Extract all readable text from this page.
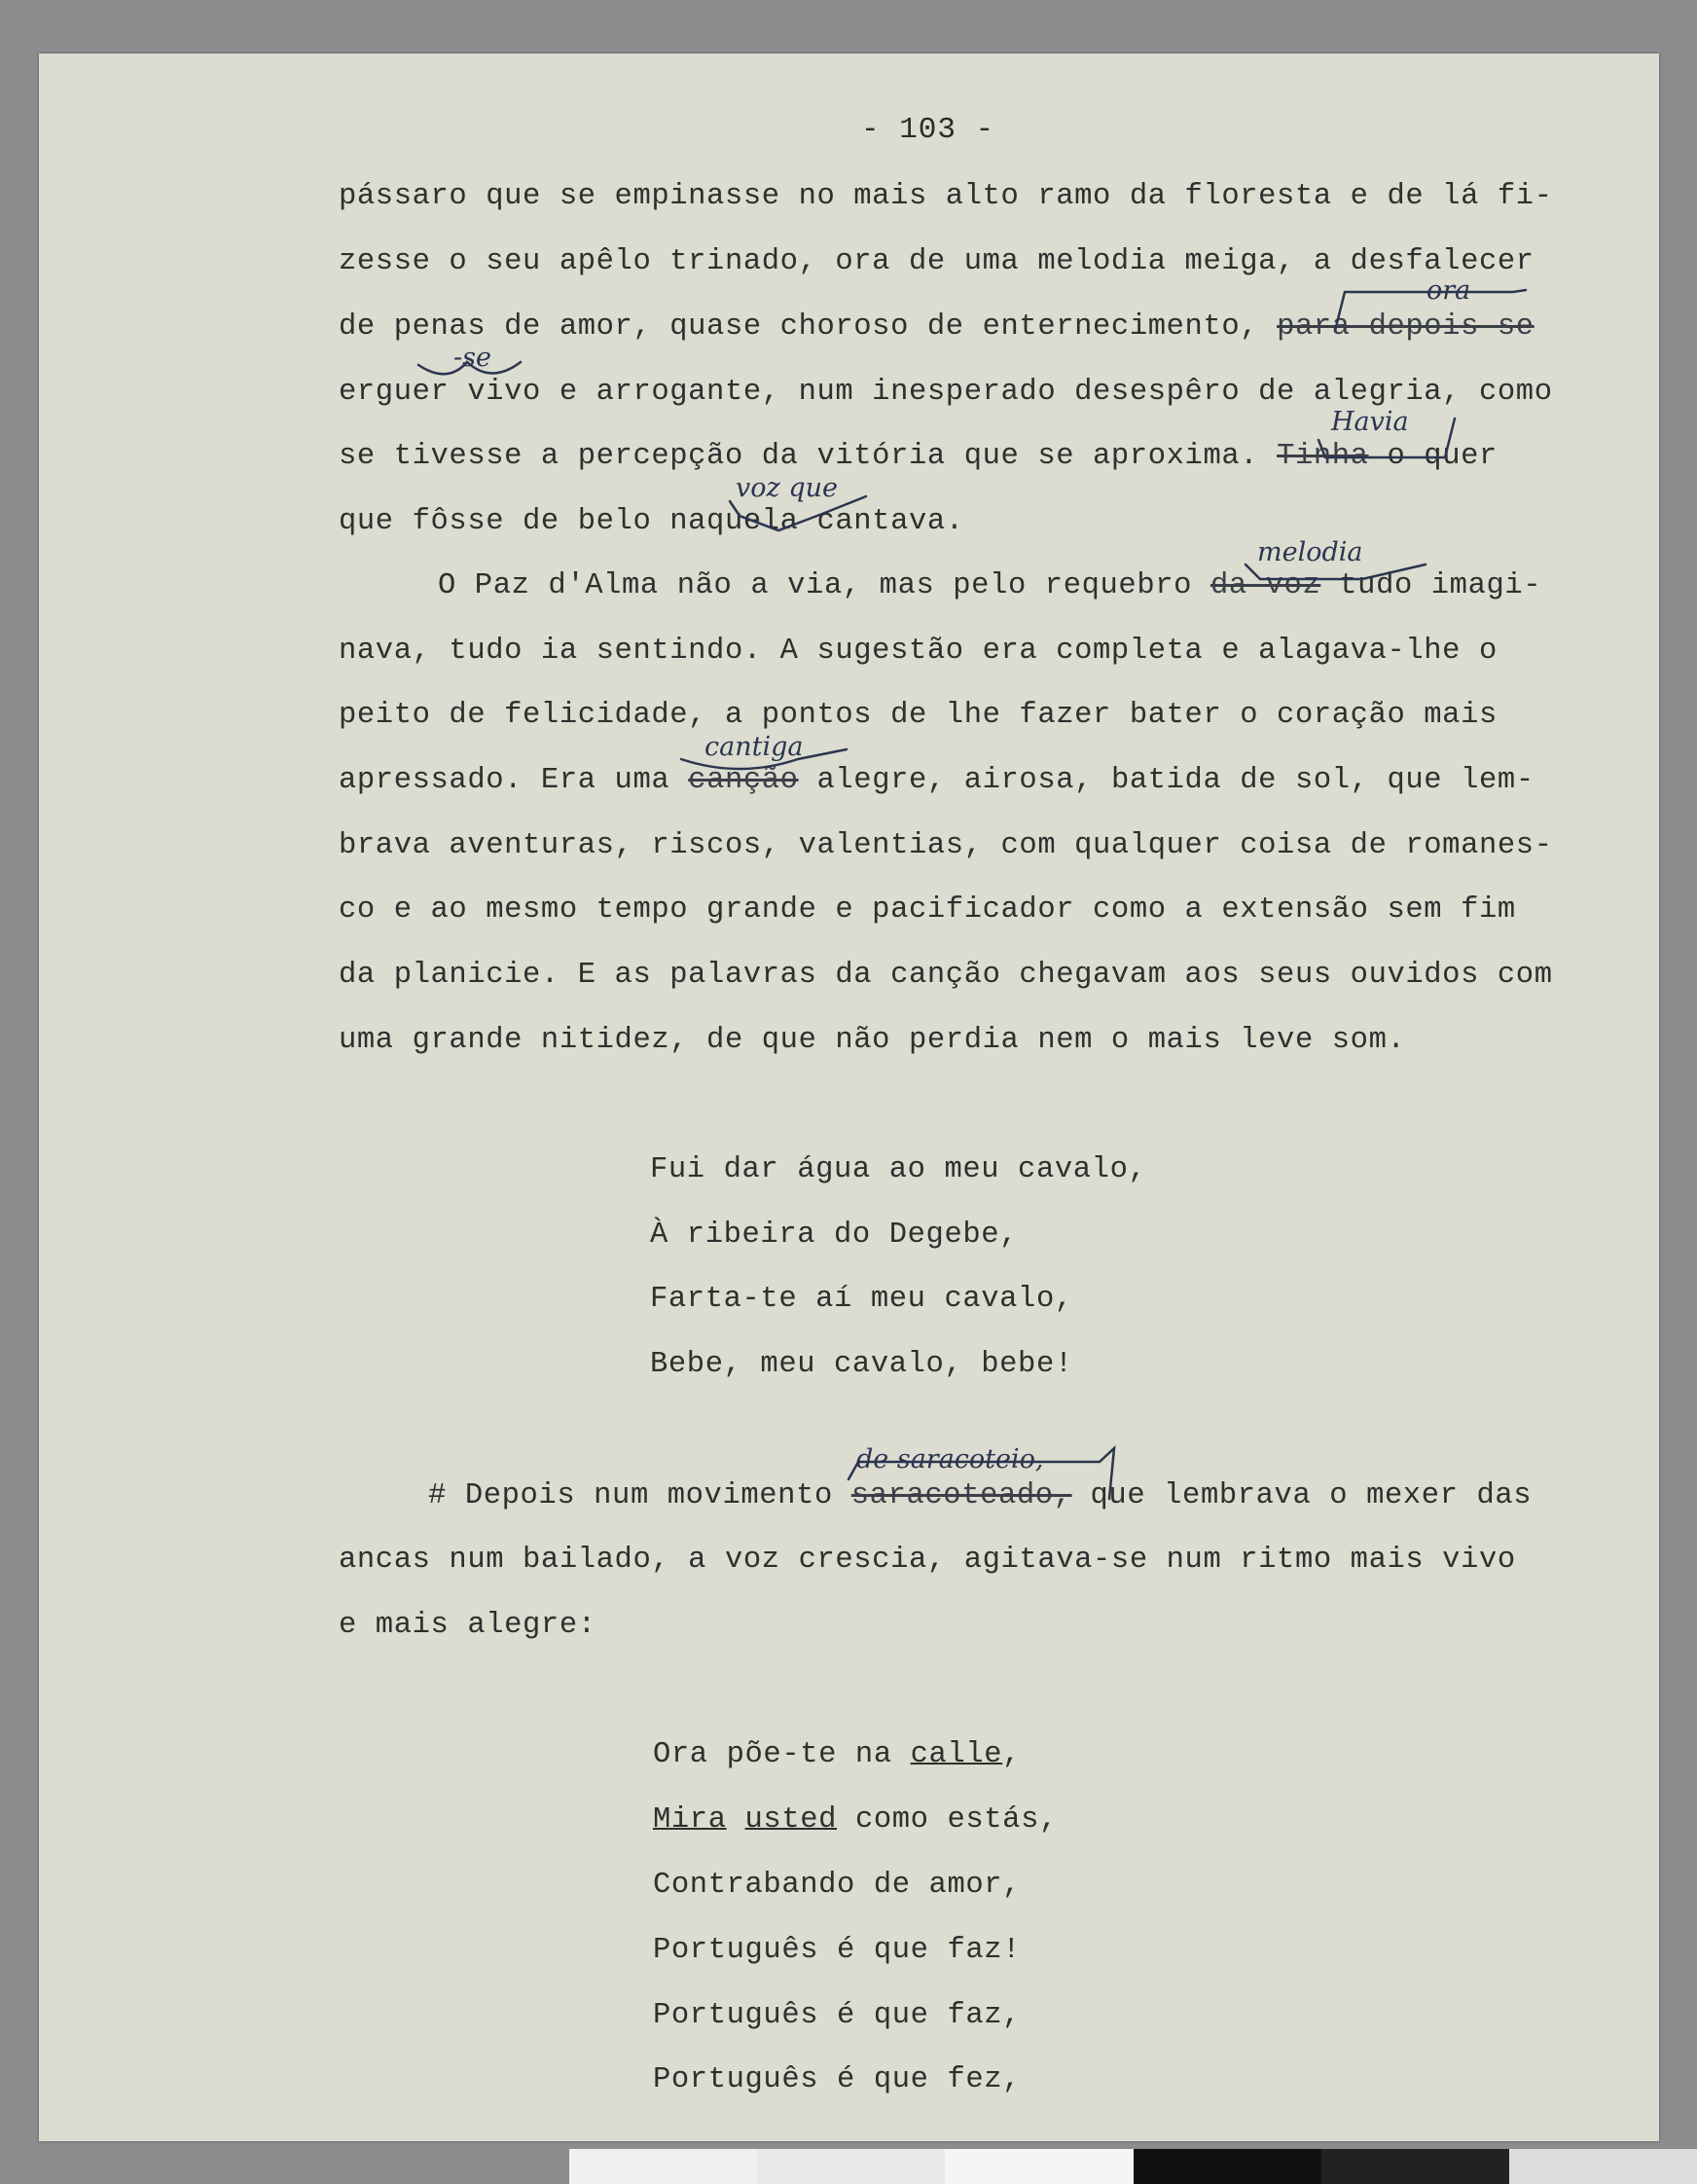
- 103 -
pássaro que se empinasse no mais alto ramo da floresta e de lá fi-
zesse o seu apêlo trinado, ora de uma melodia meiga, a desfalecer
de penas de amor, quase choroso de enternecimento, para depois se
erguer vivo e arrogante, num inesperado desespêro de alegria, como
se tivesse a percepção da vitória que se aproxima. Tinha o quer
que fôsse de belo naquela cantava.
O Paz d'Alma não a via, mas pelo requebro da voz tudo imagi-
nava, tudo ia sentindo. A sugestão era completa e alagava-lhe o
peito de felicidade, a pontos de lhe fazer bater o coração mais
apressado. Era uma canção alegre, airosa, batida de sol, que lem-
brava aventuras, riscos, valentias, com qualquer coisa de romanes-
co e ao mesmo tempo grande e pacificador como a extensão sem fim
da planicie. E as palavras da canção chegavam aos seus ouvidos com
uma grande nitidez, de que não perdia nem o mais leve som.
Fui dar água ao meu cavalo,
À ribeira do Degebe,
Farta-te aí meu cavalo,
Bebe, meu cavalo, bebe!
# Depois num movimento saracoteado, que lembrava o mexer das
ancas num bailado, a voz crescia, agitava-se num ritmo mais vivo
e mais alegre:
Ora põe-te na calle,
Mira usted como estás,
Contrabando de amor,
Português é que faz!
Português é que faz,
Português é que fez,
ora
-se
Havia
voz que
melodia
cantiga
de saracoteio,
